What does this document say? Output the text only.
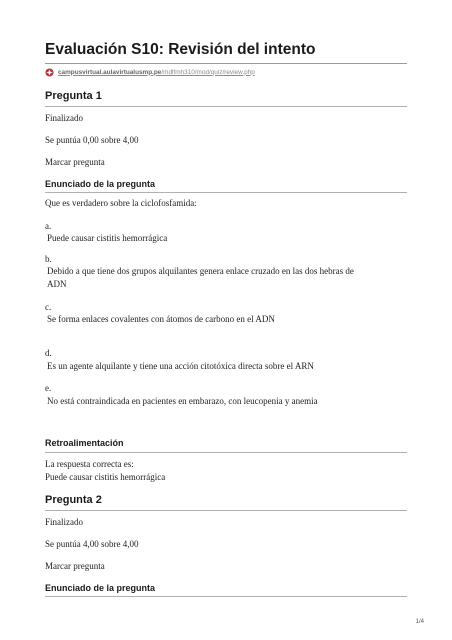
Evaluación S10: Revisión del intento
campusvirtual.aulavirtualusmp.pe/mdlfmh310/mod/quiz/review.php
Pregunta 1
Finalizado
Se puntúa 0,00 sobre 4,00
Marcar pregunta
Enunciado de la pregunta
Que es verdadero sobre la ciclofosfamida:
a.
Puede causar cistitis hemorrágica
b.
Debido a que tiene dos grupos alquilantes genera enlace cruzado en las dos hebras de
ADN
c.
Se forma enlaces covalentes con átomos de carbono en el ADN
d.
Es un agente alquilante y tiene una acción citotóxica directa sobre el ARN
e.
No está contraindicada en pacientes en embarazo, con leucopenia y anemia
Retroalimentación
La respuesta correcta es:
Puede causar cistitis hemorrágica
Pregunta 2
Finalizado
Se puntúa 4,00 sobre 4,00
Marcar pregunta
Enunciado de la pregunta
1/4
